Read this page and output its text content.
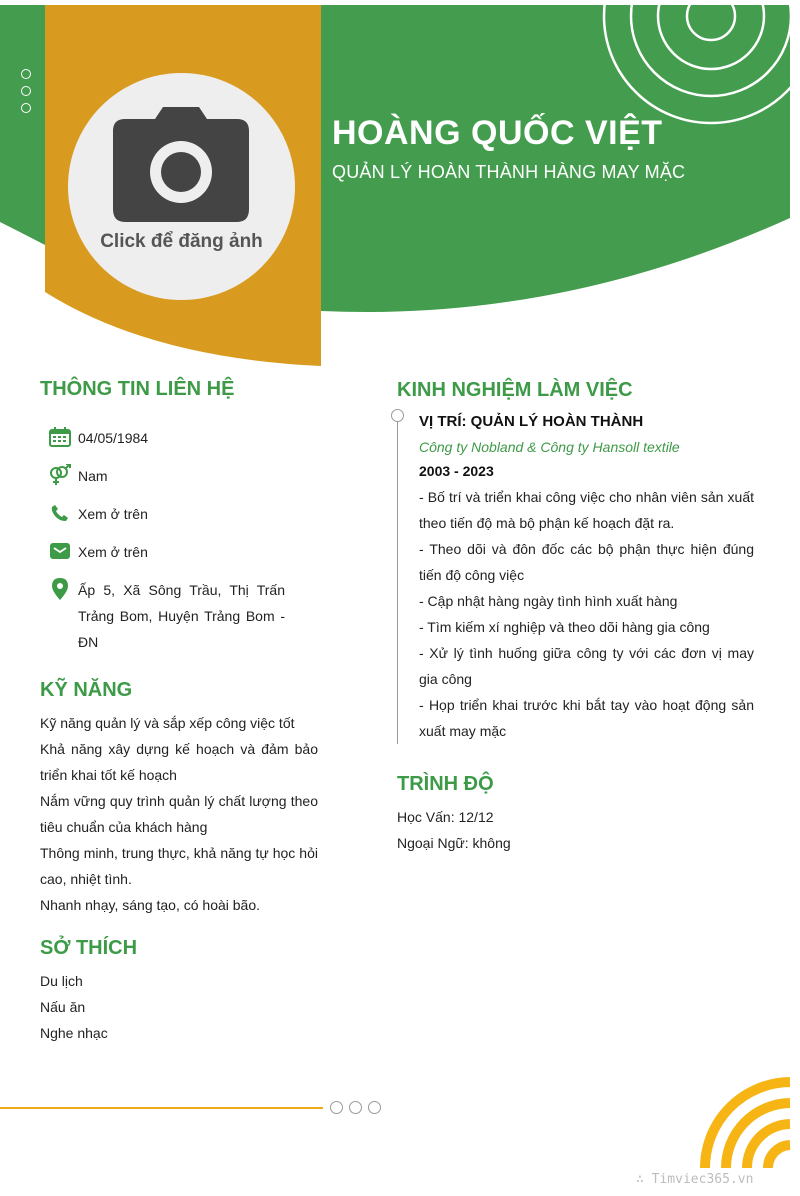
HOÀNG QUỐC VIỆT
QUẢN LÝ HOÀN THÀNH HÀNG MAY MẶC
Click để đăng ảnh
THÔNG TIN LIÊN HỆ
04/05/1984
Nam
Xem ở trên
Xem ở trên
Ấp 5, Xã Sông Trầu, Thị Trấn Trảng Bom, Huyện Trảng Bom - ĐN
KỸ NĂNG
Kỹ năng quản lý và sắp xếp công việc tốt
Khả năng xây dựng kế hoạch và đảm bảo triển khai tốt kế hoạch
Nắm vững quy trình quản lý chất lượng theo tiêu chuẩn của khách hàng
Thông minh, trung thực, khả năng tự học hỏi cao, nhiệt tình.
Nhanh nhạy, sáng tạo, có hoài bão.
SỞ THÍCH
Du lịch
Nấu ăn
Nghe nhạc
KINH NGHIỆM LÀM VIỆC
VỊ TRÍ: QUẢN LÝ HOÀN THÀNH
Công ty Nobland & Công ty Hansoll textile
2003 - 2023
- Bố trí và triển khai công việc cho nhân viên sản xuất theo tiến độ mà bộ phận kế hoạch đặt ra.
- Theo dõi và đôn đốc các bộ phận thực hiện đúng tiến độ công việc
- Cập nhật hàng ngày tình hình xuất hàng
- Tìm kiếm xí nghiệp và theo dõi hàng gia công
- Xử lý tình huống giữa công ty với các đơn vị may gia công
- Họp triển khai trước khi bắt tay vào hoạt động sản xuất may mặc
TRÌNH ĐỘ
Học Vấn: 12/12
Ngoại Ngữ: không
∴ Timviec365.vn
